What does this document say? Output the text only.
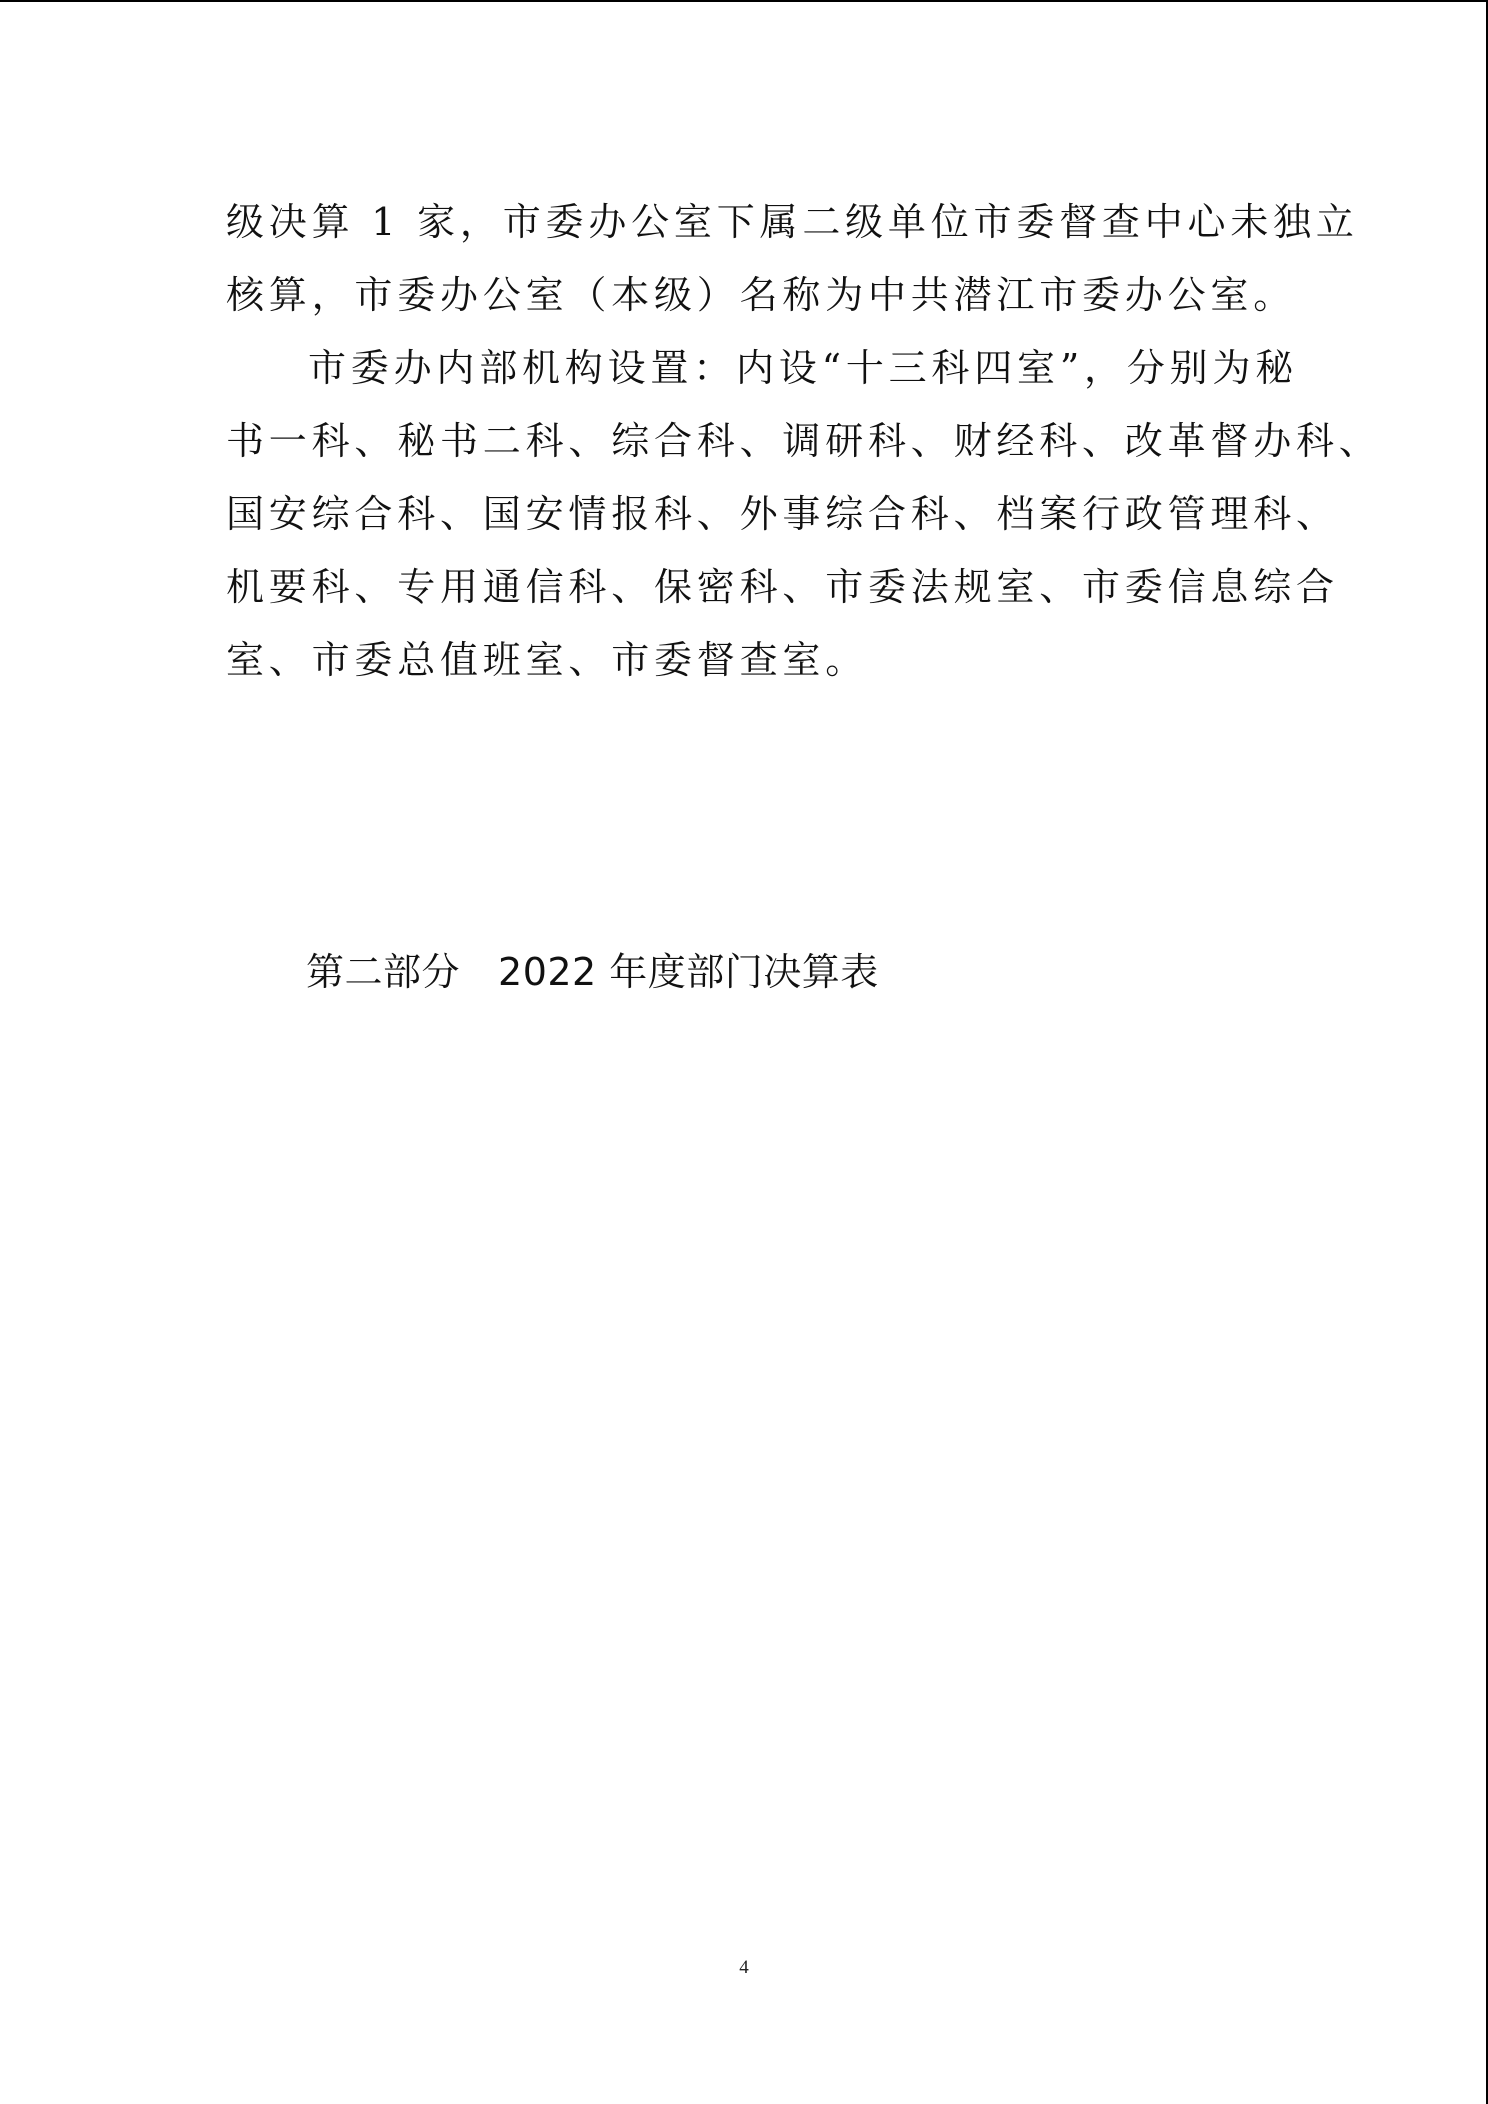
级决算 1 家，市委办公室下属二级单位市委督查中心未独立

核算，市委办公室（本级）名称为中共潜江市委办公室。

市委办内部机构设置：内设“十三科四室”，分别为秘

书一科、秘书二科、综合科、调研科、财经科、改革督办科、

国安综合科、国安情报科、外事综合科、档案行政管理科、

机要科、专用通信科、保密科、市委法规室、市委信息综合

室、市委总值班室、市委督查室。

第二部分 2022 年度部门决算表
4
